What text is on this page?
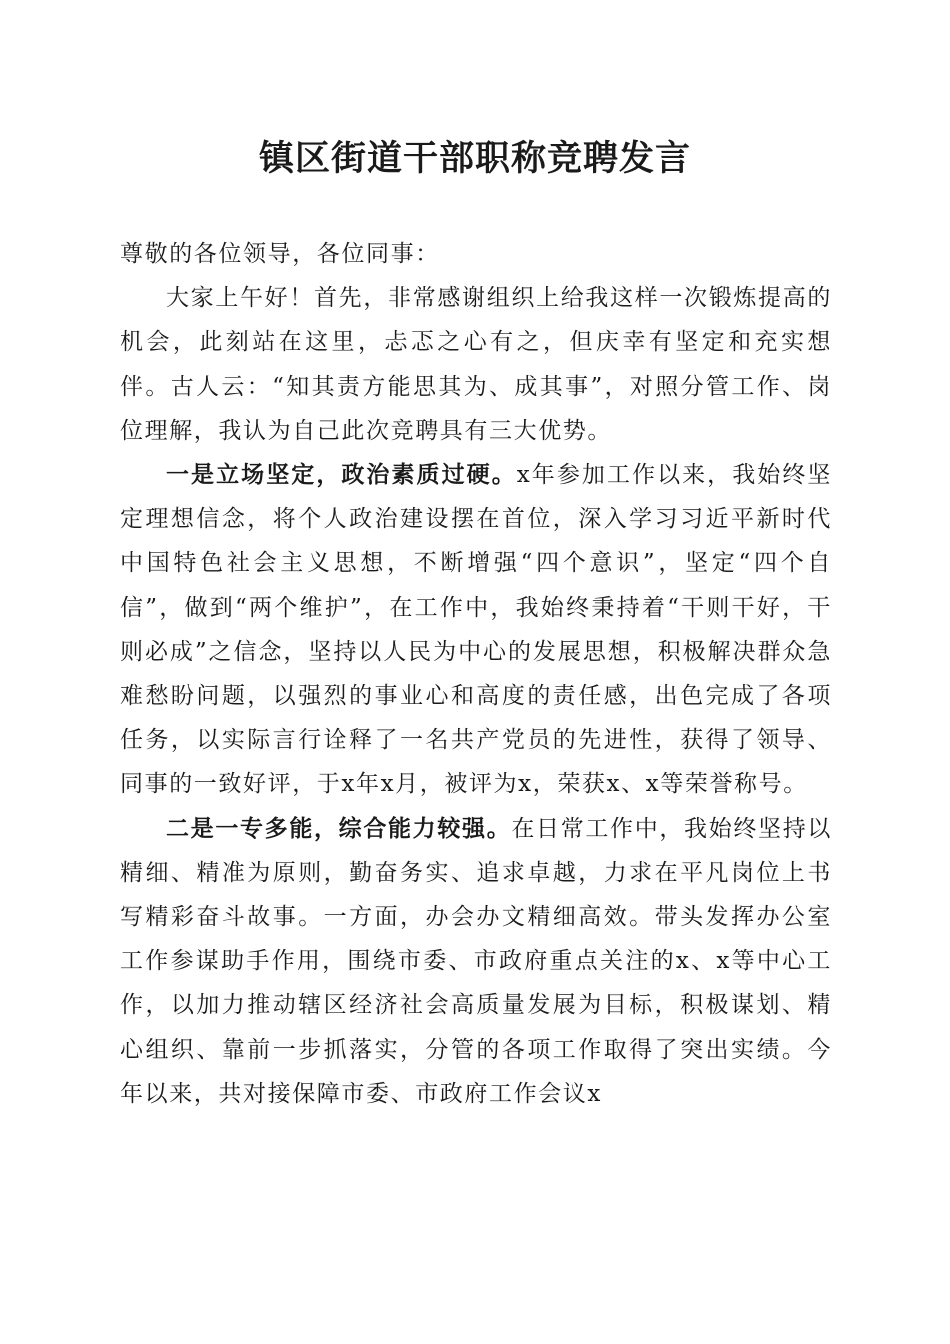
镇区街道干部职称竞聘发言

尊敬的各位领导，各位同事：

大家上午好！首先，非常感谢组织上给我这样一次锻炼提高的机会，此刻站在这里，忐忑之心有之，但庆幸有坚定和充实想伴。古人云：“知其责方能思其为、成其事”，对照分管工作、岗位理解，我认为自己此次竞聘具有三大优势。

一是立场坚定，政治素质过硬。x年参加工作以来，我始终坚定理想信念，将个人政治建设摆在首位，深入学习习近平新时代中国特色社会主义思想，不断增强“四个意识”，坚定“四个自信”，做到“两个维护”，在工作中，我始终秉持着“干则干好，干则必成”之信念，坚持以人民为中心的发展思想，积极解决群众急难愁盼问题，以强烈的事业心和高度的责任感，出色完成了各项任务，以实际言行诠释了一名共产党员的先进性，获得了领导、同事的一致好评，于x年x月，被评为x，荣获x、x等荣誉称号。

二是一专多能，综合能力较强。在日常工作中，我始终坚持以精细、精准为原则，勤奋务实、追求卓越，力求在平凡岗位上书写精彩奋斗故事。一方面，办会办文精细高效。带头发挥办公室工作参谋助手作用，围绕市委、市政府重点关注的x、x等中心工作，以加力推动辖区经济社会高质量发展为目标，积极谋划、精心组织、靠前一步抓落实，分管的各项工作取得了突出实绩。今年以来，共对接保障市委、市政府工作会议x
